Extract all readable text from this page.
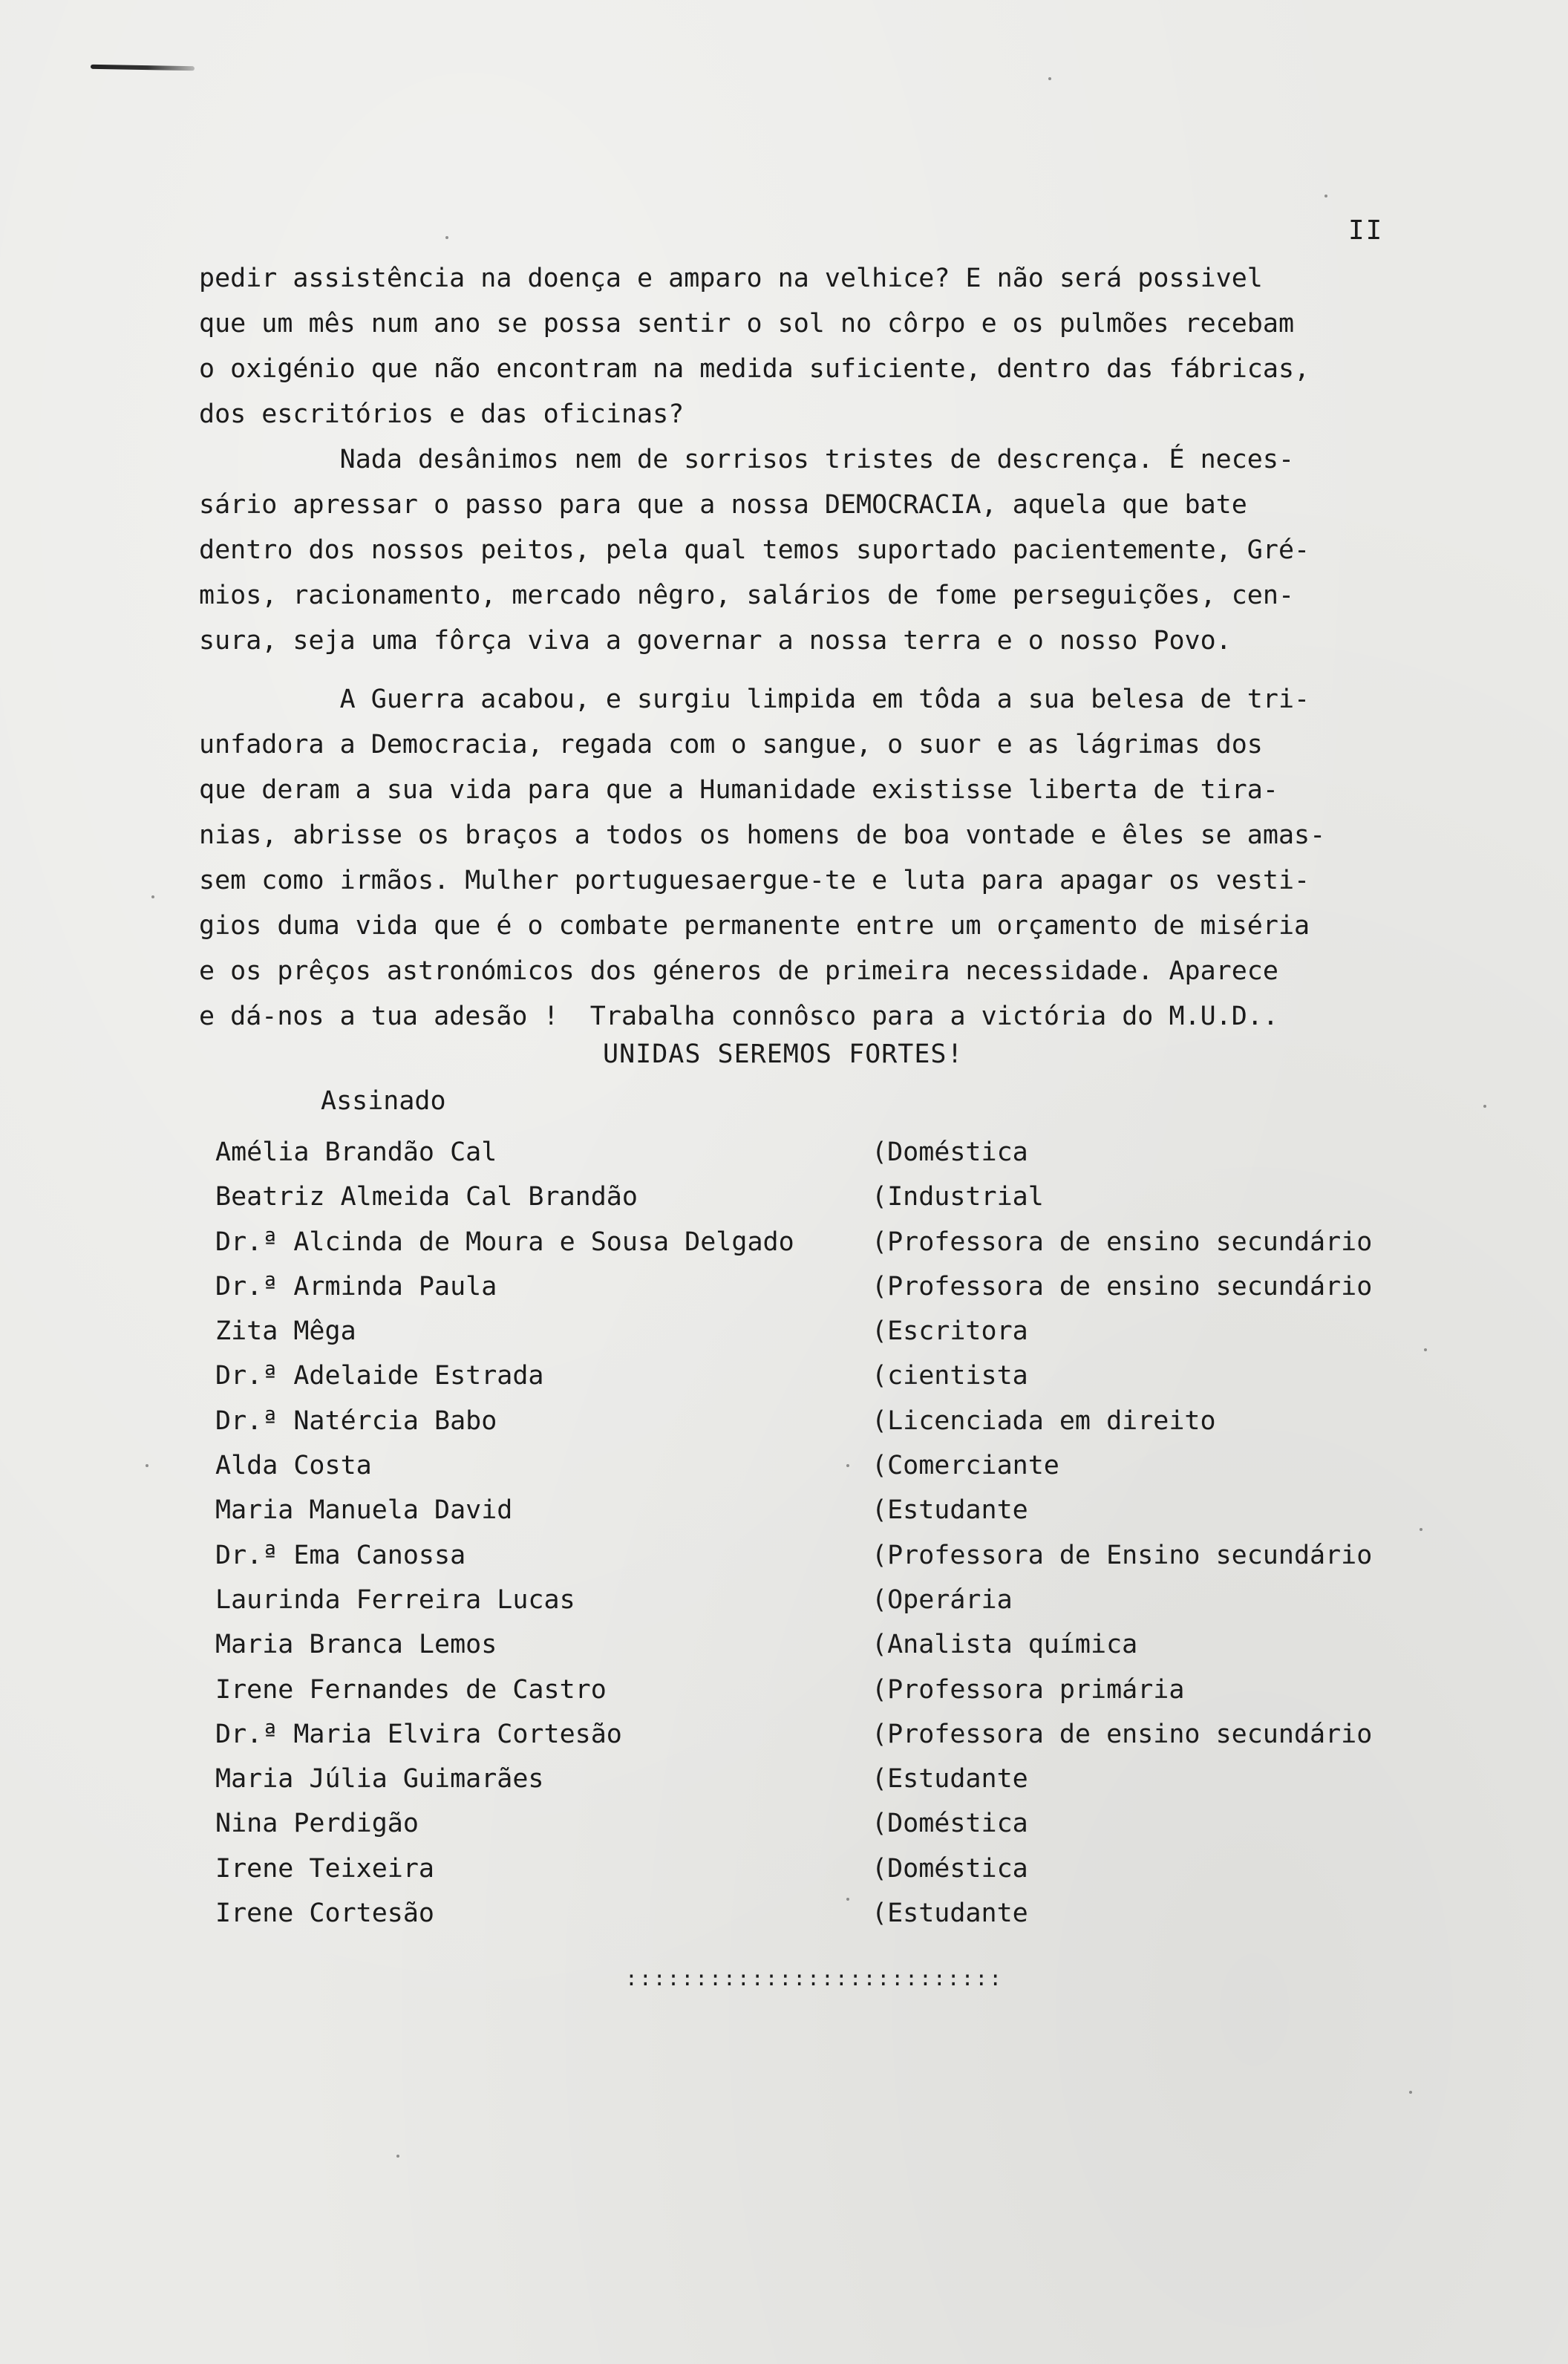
II
pedir assistência na doença e amparo na velhice? E não será possivel
que um mês num ano se possa sentir o sol no côrpo e os pulmões recebam
o oxigénio que não encontram na medida suficiente, dentro das fábricas,
dos escritórios e das oficinas?
Nada desânimos nem de sorrisos tristes de descrença. É neces-
sário apressar o passo para que a nossa DEMOCRACIA, aquela que bate
dentro dos nossos peitos, pela qual temos suportado pacientemente, Gré-
mios, racionamento, mercado nêgro, salários de fome perseguições, cen-
sura, seja uma fôrça viva a governar a nossa terra e o nosso Povo.
A Guerra acabou, e surgiu limpida em tôda a sua belesa de tri-
unfadora a Democracia, regada com o sangue, o suor e as lágrimas dos
que deram a sua vida para que a Humanidade existisse liberta de tira-
nias, abrisse os braços a todos os homens de boa vontade e êles se amas-
sem como irmãos. Mulher portuguesaergue-te e luta para apagar os vesti-
gios duma vida que é o combate permanente entre um orçamento de miséria
e os prêços astronómicos dos géneros de primeira necessidade. Aparece
e dá-nos a tua adesão !  Trabalha connôsco para a victória do M.U.D..
UNIDAS SEREMOS FORTES!
Assinado
Amélia Brandão Cal	(Doméstica
Beatriz Almeida Cal Brandão	(Industrial
Dr.ª Alcinda de Moura e Sousa Delgado	(Professora de ensino secundário
Dr.ª Arminda Paula	(Professora de ensino secundário
Zita Mêga	(Escritora
Dr.ª Adelaide Estrada	(cientista
Dr.ª Natércia Babo	(Licenciada em direito
Alda Costa	(Comerciante
Maria Manuela David	(Estudante
Dr.ª Ema Canossa	(Professora de Ensino secundário
Laurinda Ferreira Lucas	(Operária
Maria Branca Lemos	(Analista química
Irene Fernandes de Castro	(Professora primária
Dr.ª Maria Elvira Cortesão	(Professora de ensino secundário
Maria Júlia Guimarães	(Estudante
Nina Perdigão	(Doméstica
Irene Teixeira	(Doméstica
Irene Cortesão	(Estudante
:::::::::::::::::::::::::::
